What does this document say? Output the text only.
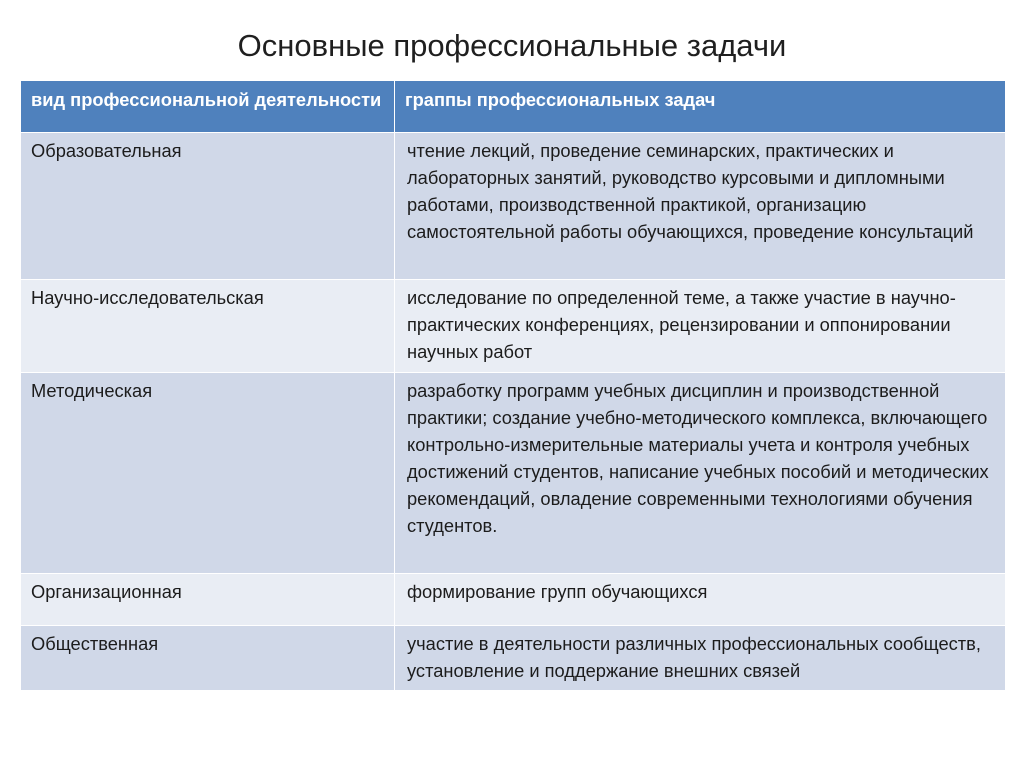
Основные профессиональные задачи
вид профессиональной деятельности	граппы профессиональных задач
Образовательная	чтение лекций, проведение семинарских, практических и лабораторных занятий, руководство курсовыми и дипломными работами, производственной практикой, организацию самостоятельной работы обучающихся, проведение консультаций
Научно-исследовательская	исследование по определенной теме, а также участие в научно-практических конференциях, рецензировании и оппонировании научных работ
Методическая	разработку программ учебных дисциплин и производственной практики; создание учебно-методического комплекса, включающего контрольно-измерительные материалы учета и контроля учебных достижений студентов, написание учебных пособий и методических рекомендаций, овладение современными технологиями обучения студентов.
Организационная	формирование групп обучающихся
Общественная	участие в деятельности различных профессиональных сообществ, установление и поддержание внешних связей
